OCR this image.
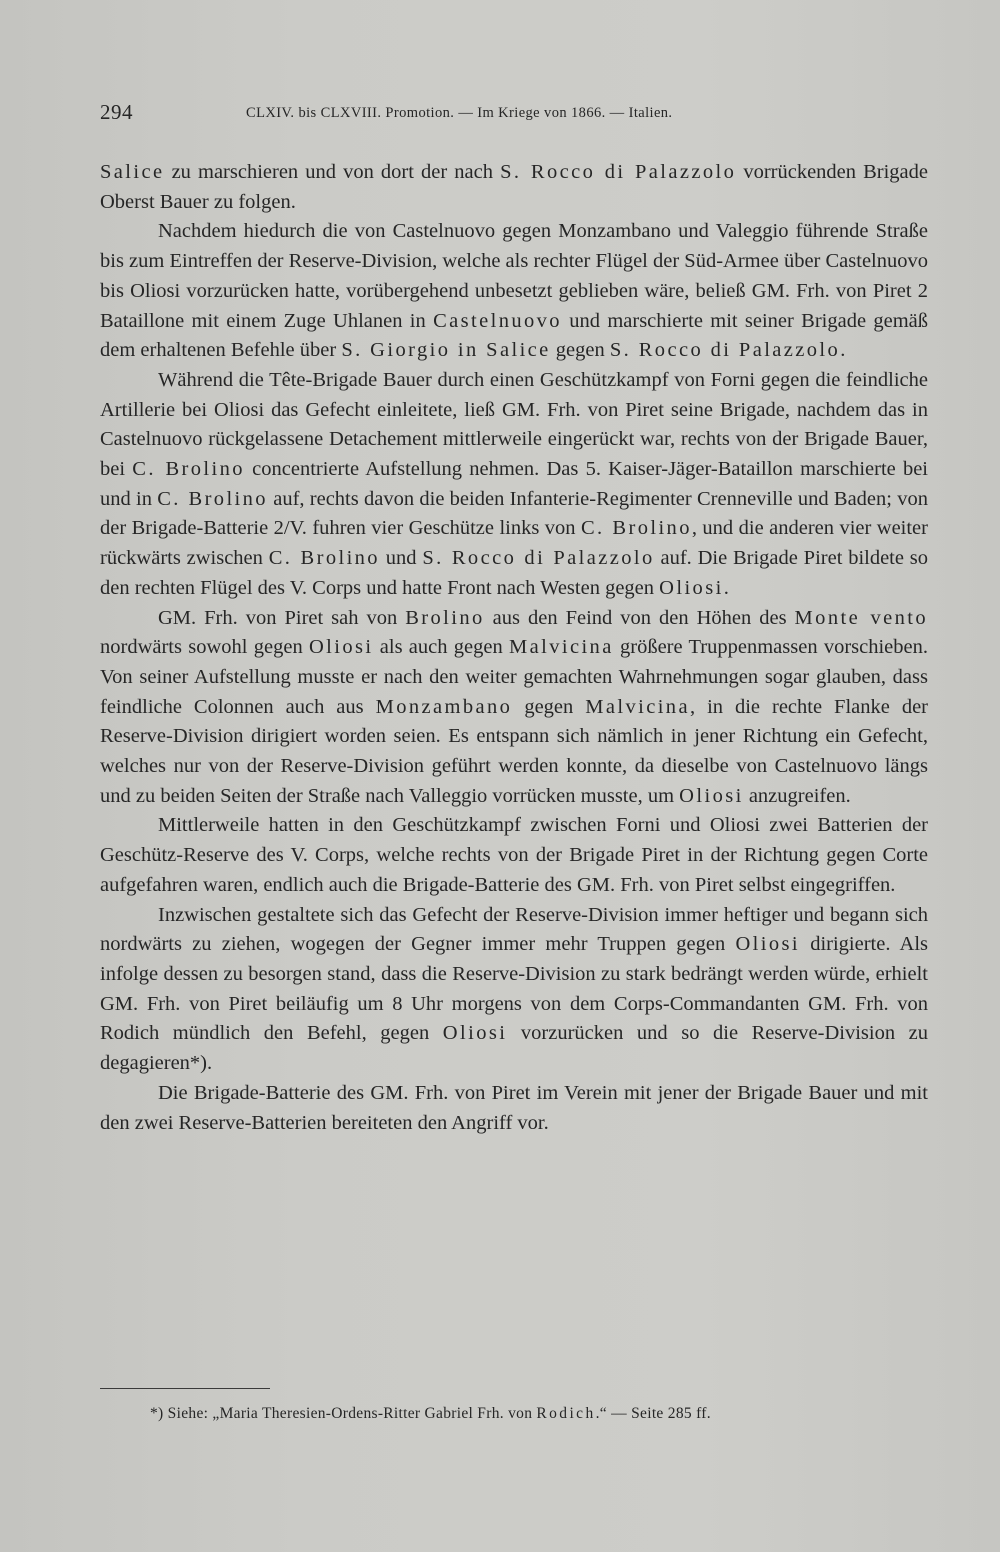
294	CLXIV. bis CLXVIII. Promotion. — Im Kriege von 1866. — Italien.

Salice zu marschieren und von dort der nach S. Rocco di Palazzolo vorrückenden Brigade Oberst Bauer zu folgen.

Nachdem hiedurch die von Castelnuovo gegen Monzambano und Valeggio führende Straße bis zum Eintreffen der Reserve-Division, welche als rechter Flügel der Süd-Armee über Castelnuovo bis Oliosi vorzurücken hatte, vorübergehend unbesetzt geblieben wäre, beließ GM. Frh. von Piret 2 Bataillone mit einem Zuge Uhlanen in Castelnuovo und marschierte mit seiner Brigade gemäß dem erhaltenen Befehle über S. Giorgio in Salice gegen S. Rocco di Palazzolo.

Während die Tête-Brigade Bauer durch einen Geschützkampf von Forni gegen die feindliche Artillerie bei Oliosi das Gefecht einleitete, ließ GM. Frh. von Piret seine Brigade, nachdem das in Castelnuovo rückgelassene Detachement mittlerweile eingerückt war, rechts von der Brigade Bauer, bei C. Brolino concentrierte Aufstellung nehmen. Das 5. Kaiser-Jäger-Bataillon marschierte bei und in C. Brolino auf, rechts davon die beiden Infanterie-Regimenter Crenneville und Baden; von der Brigade-Batterie 2/V. fuhren vier Geschütze links von C. Brolino, und die anderen vier weiter rückwärts zwischen C. Brolino und S. Rocco di Palazzolo auf. Die Brigade Piret bildete so den rechten Flügel des V. Corps und hatte Front nach Westen gegen Oliosi.

GM. Frh. von Piret sah von Brolino aus den Feind von den Höhen des Monte vento nordwärts sowohl gegen Oliosi als auch gegen Malvicina größere Truppenmassen vorschieben. Von seiner Aufstellung musste er nach den weiter gemachten Wahrnehmungen sogar glauben, dass feindliche Colonnen auch aus Monzambano gegen Malvicina, in die rechte Flanke der Reserve-Division dirigiert worden seien. Es entspann sich nämlich in jener Richtung ein Gefecht, welches nur von der Reserve-Division geführt werden konnte, da dieselbe von Castelnuovo längs und zu beiden Seiten der Straße nach Valleggio vorrücken musste, um Oliosi anzugreifen.

Mittlerweile hatten in den Geschützkampf zwischen Forni und Oliosi zwei Batterien der Geschütz-Reserve des V. Corps, welche rechts von der Brigade Piret in der Richtung gegen Corte aufgefahren waren, endlich auch die Brigade-Batterie des GM. Frh. von Piret selbst eingegriffen.

Inzwischen gestaltete sich das Gefecht der Reserve-Division immer heftiger und begann sich nordwärts zu ziehen, wogegen der Gegner immer mehr Truppen gegen Oliosi dirigierte. Als infolge dessen zu besorgen stand, dass die Reserve-Division zu stark bedrängt werden würde, erhielt GM. Frh. von Piret beiläufig um 8 Uhr morgens von dem Corps-Commandanten GM. Frh. von Rodich mündlich den Befehl, gegen Oliosi vorzurücken und so die Reserve-Division zu degagieren*).

Die Brigade-Batterie des GM. Frh. von Piret im Verein mit jener der Brigade Bauer und mit den zwei Reserve-Batterien bereiteten den Angriff vor.

*) Siehe: „Maria Theresien-Ordens-Ritter Gabriel Frh. von Rodich.“ — Seite 285 ff.
